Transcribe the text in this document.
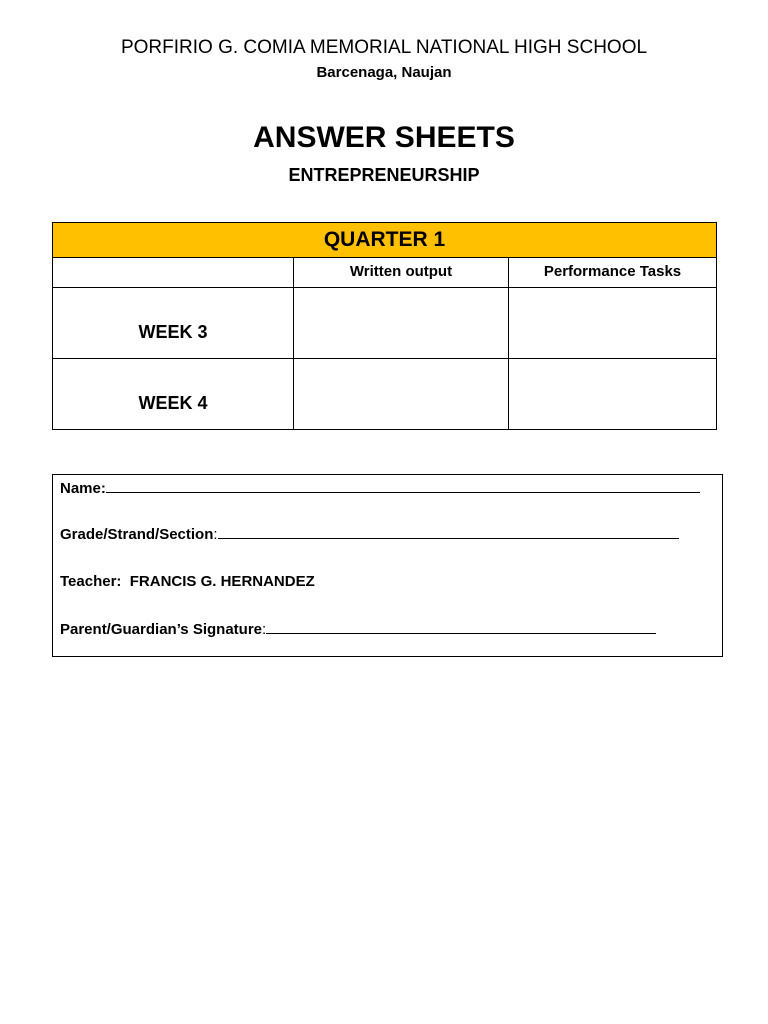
PORFIRIO G. COMIA MEMORIAL NATIONAL HIGH SCHOOL
Barcenaga, Naujan
ANSWER SHEETS
ENTREPRENEURSHIP
QUARTER 1
Written output	Performance Tasks
WEEK 3
WEEK 4
Name:
Grade/Strand/Section:
Teacher: FRANCIS G. HERNANDEZ
Parent/Guardian’s Signature:
